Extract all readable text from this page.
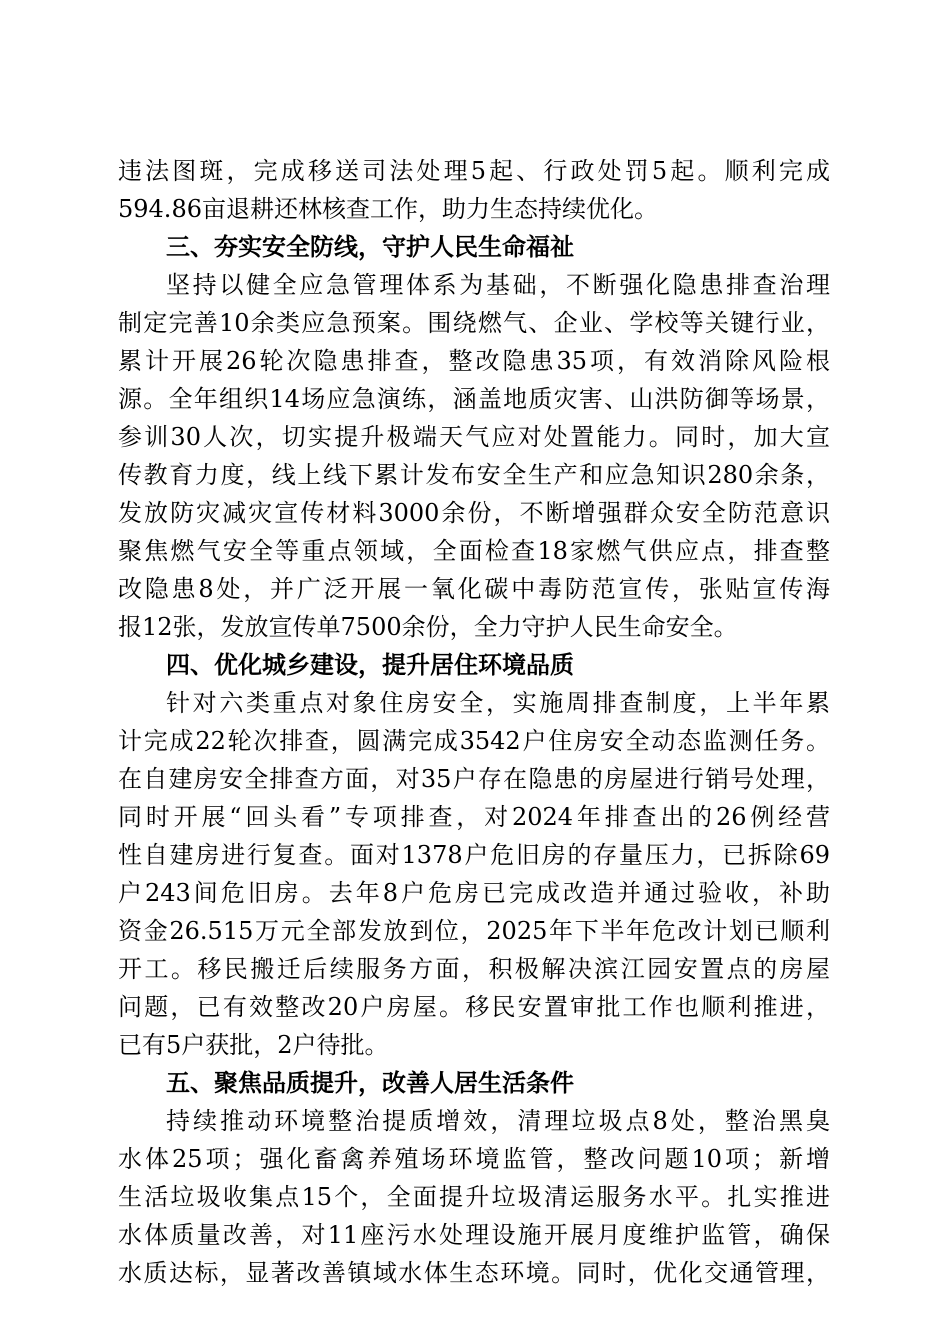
违法图斑，完成移送司法处理5起、行政处罚5起。顺利完成
594.86亩退耕还林核查工作，助力生态持续优化。
三、夯实安全防线，守护人民生命福祉
坚持以健全应急管理体系为基础，不断强化隐患排查治理
制定完善10余类应急预案。围绕燃气、企业、学校等关键行业，
累计开展26轮次隐患排查，整改隐患35项，有效消除风险根
源。全年组织14场应急演练，涵盖地质灾害、山洪防御等场景，
参训30人次，切实提升极端天气应对处置能力。同时，加大宣
传教育力度，线上线下累计发布安全生产和应急知识280余条，
发放防灾减灾宣传材料3000余份，不断增强群众安全防范意识
聚焦燃气安全等重点领域，全面检查18家燃气供应点，排查整
改隐患8处，并广泛开展一氧化碳中毒防范宣传，张贴宣传海
报12张，发放宣传单7500余份，全力守护人民生命安全。
四、优化城乡建设，提升居住环境品质
针对六类重点对象住房安全，实施周排查制度，上半年累
计完成22轮次排查，圆满完成3542户住房安全动态监测任务。
在自建房安全排查方面，对35户存在隐患的房屋进行销号处理，
同时开展“回头看”专项排查，对2024年排查出的26例经营
性自建房进行复查。面对1378户危旧房的存量压力，已拆除69
户243间危旧房。去年8户危房已完成改造并通过验收，补助
资金26.515万元全部发放到位，2025年下半年危改计划已顺利
开工。移民搬迁后续服务方面，积极解决滨江园安置点的房屋
问题，已有效整改20户房屋。移民安置审批工作也顺利推进，
已有5户获批，2户待批。
五、聚焦品质提升，改善人居生活条件
持续推动环境整治提质增效，清理垃圾点8处，整治黑臭
水体25项；强化畜禽养殖场环境监管，整改问题10项；新增
生活垃圾收集点15个，全面提升垃圾清运服务水平。扎实推进
水体质量改善，对11座污水处理设施开展月度维护监管，确保
水质达标，显著改善镇域水体生态环境。同时，优化交通管理，
